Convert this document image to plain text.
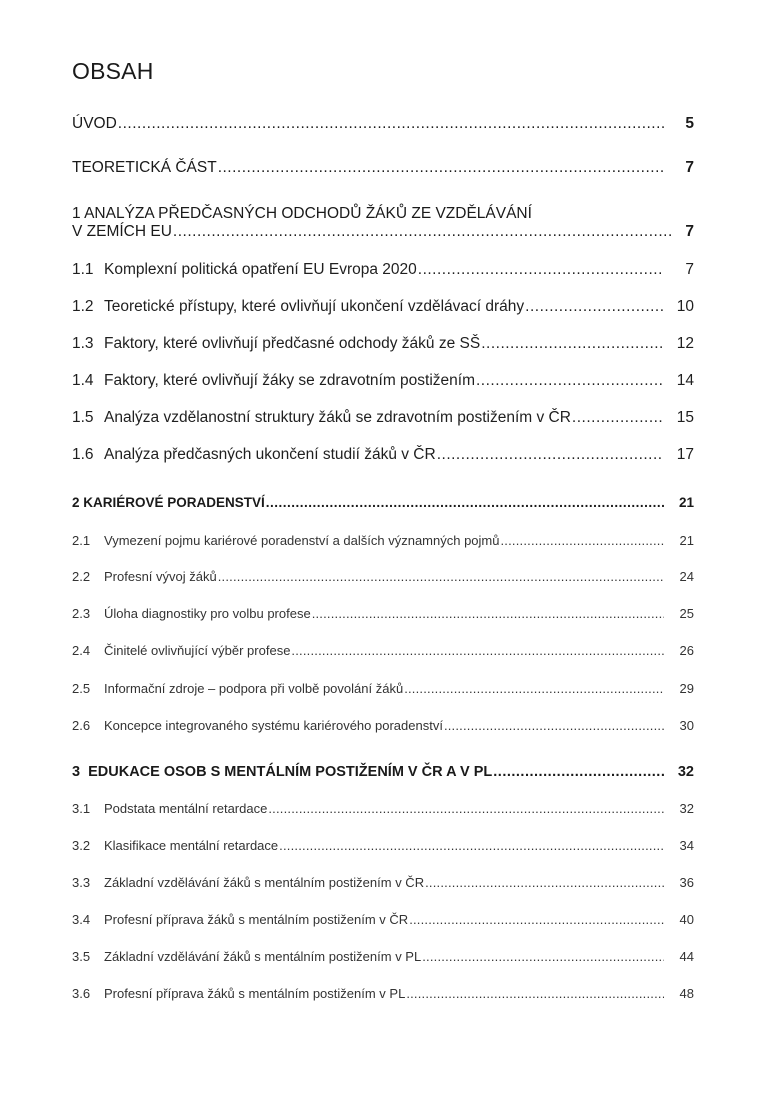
OBSAH
ÚVOD .....	5
TEORETICKÁ ČÁST .....	7
1 ANALÝZA PŘEDČASNÝCH ODCHODŮ ŽÁKŮ ZE VZDĚLÁVÁNÍ
V ZEMÍCH EU .....	7
1.1 Komplexní politická opatření EU Evropa 2020 .....	7
1.2 Teoretické přístupy, které ovlivňují ukončení vzdělávací dráhy .....	10
1.3 Faktory, které ovlivňují předčasné odchody žáků ze SŠ .....	12
1.4 Faktory, které ovlivňují žáky se zdravotním postižením .....	14
1.5 Analýza vzdělanostní struktury žáků se zdravotním postižením v ČR .....	15
1.6 Analýza předčasných ukončení studií žáků v ČR .....	17
2 KARIÉROVÉ PORADENSTVÍ .....	21
2.1 Vymezení pojmu kariérové poradenství a dalších významných pojmů .....	21
2.2 Profesní vývoj žáků .....	24
2.3 Úloha diagnostiky pro volbu profese .....	25
2.4 Činitelé ovlivňující výběr profese .....	26
2.5 Informační zdroje – podpora při volbě povolání žáků .....	29
2.6 Koncepce integrovaného systému kariérového poradenství .....	30
3  EDUKACE OSOB S MENTÁLNÍM POSTIŽENÍM V ČR A V PL .....	32
3.1 Podstata mentální retardace .....	32
3.2 Klasifikace mentální retardace .....	34
3.3 Základní vzdělávání žáků s mentálním postižením v ČR .....	36
3.4 Profesní příprava žáků s mentálním postižením v ČR .....	40
3.5 Základní vzdělávání žáků s mentálním postižením v PL .....	44
3.6 Profesní příprava žáků s mentálním postižením v PL .....	48
